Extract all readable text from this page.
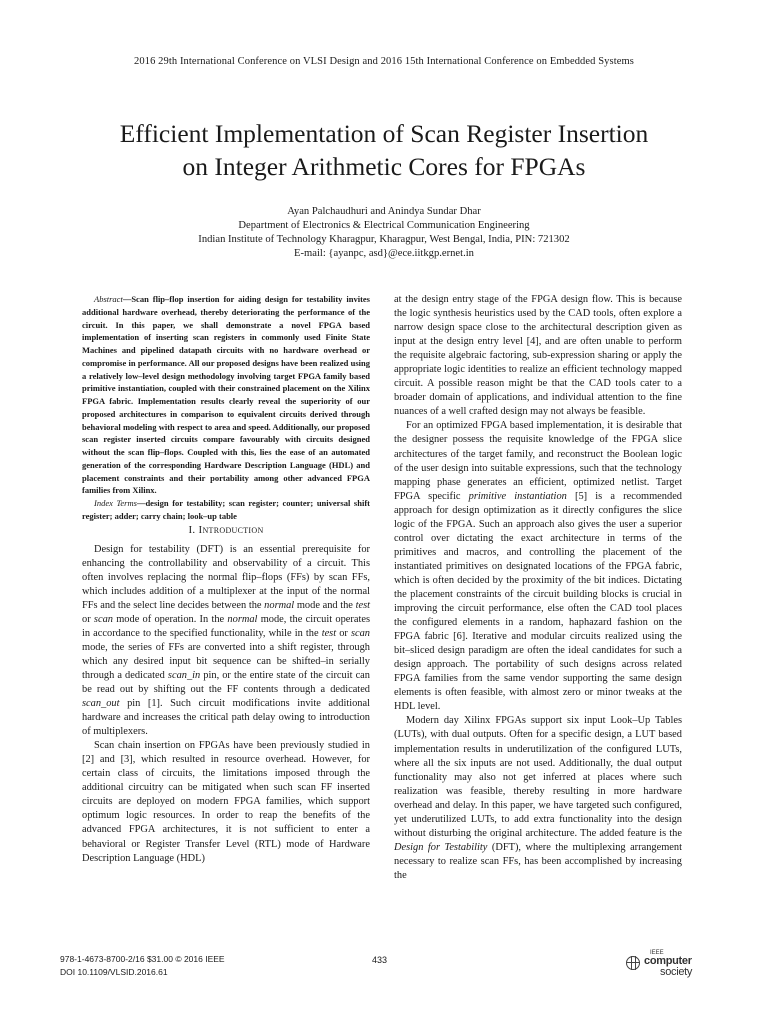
2016 29th International Conference on VLSI Design and 2016 15th International Conference on Embedded Systems
Efficient Implementation of Scan Register Insertion
on Integer Arithmetic Cores for FPGAs
Ayan Palchaudhuri and Anindya Sundar Dhar
Department of Electronics & Electrical Communication Engineering
Indian Institute of Technology Kharagpur, Kharagpur, West Bengal, India, PIN: 721302
E-mail: {ayanpc, asd}@ece.iitkgp.ernet.in

Abstract—Scan flip–flop insertion for aiding design for testability invites additional hardware overhead, thereby deteriorating the performance of the circuit. In this paper, we shall demonstrate a novel FPGA based implementation of inserting scan registers in commonly used Finite State Machines and pipelined datapath circuits with no hardware overhead or compromise in performance. All our proposed designs have been realized using a relatively low–level design methodology involving target FPGA family based primitive instantiation, coupled with their constrained placement on the Xilinx FPGA fabric. Implementation results clearly reveal the superiority of our proposed architectures in comparison to equivalent circuits derived through behavioral modeling with respect to area and speed. Additionally, our proposed scan register inserted circuits compare favourably with circuits designed without the scan flip–flops. Coupled with this, lies the ease of an automated generation of the corresponding Hardware Description Language (HDL) and placement constraints and their portability among other advanced FPGA families from Xilinx.

Index Terms—design for testability; scan register; counter; universal shift register; adder; carry chain; look–up table

I. Introduction

Design for testability (DFT) is an essential prerequisite for enhancing the controllability and observability of a circuit. This often involves replacing the normal flip–flops (FFs) by scan FFs, which includes addition of a multiplexer at the input of the normal FFs and the select line decides between the normal mode and the test or scan mode of operation. In the normal mode, the circuit operates in accordance to the specified functionality, while in the test or scan mode, the series of FFs are converted into a shift register, through which any desired input bit sequence can be shifted–in serially through a dedicated scan_in pin, or the entire state of the circuit can be read out by shifting out the FF contents through a dedicated scan_out pin [1]. Such circuit modifications invite additional hardware and increases the critical path delay owing to introduction of multiplexers.

Scan chain insertion on FPGAs have been previously studied in [2] and [3], which resulted in resource overhead. However, for certain class of circuits, the limitations imposed through the additional circuitry can be mitigated when such scan FF inserted circuits are deployed on modern FPGA families, which support optimum logic resources. In order to reap the benefits of the advanced FPGA architectures, it is not sufficient to enter a behavioral or Register Transfer Level (RTL) mode of Hardware Description Language (HDL)

at the design entry stage of the FPGA design flow. This is because the logic synthesis heuristics used by the CAD tools, often explore a narrow design space close to the architectural description given as input at the design entry level [4], and are often unable to perform the requisite algebraic factoring, sub-expression sharing or apply the appropriate logic identities to realize an efficient technology mapped circuit. A possible reason might be that the CAD tools cater to a broader domain of applications, and individual attention to the fine nuances of a well crafted design may not always be feasible.

For an optimized FPGA based implementation, it is desirable that the designer possess the requisite knowledge of the FPGA slice architectures of the target family, and reconstruct the Boolean logic of the user design into suitable expressions, such that the technology mapping phase generates an efficient, optimized netlist. Target FPGA specific primitive instantiation [5] is a recommended approach for design optimization as it directly configures the slice logic of the FPGA. Such an approach also gives the user a superior control over dictating the exact architecture in terms of the primitives and macros, and controlling the placement of the instantiated primitives on designated locations of the FPGA fabric, which is often decided by the proximity of the bit indices. Dictating the placement constraints of the circuit building blocks is crucial in improving the circuit performance, else often the CAD tool places the configured elements in a random, haphazard fashion on the FPGA fabric [6]. Iterative and modular circuits realized using the bit–sliced design paradigm are often the ideal candidates for such a design approach. The portability of such designs across related FPGA families from the same vendor supporting the same design elements is often feasible, with almost zero or minor tweaks at the HDL level.

Modern day Xilinx FPGAs support six input Look–Up Tables (LUTs), with dual outputs. Often for a specific design, a LUT based implementation results in underutilization of the configured LUTs, where all the six inputs are not used. Additionally, the dual output functionality may also not get inferred at places where such realization was feasible, thereby resulting in more hardware overhead and delay. In this paper, we have targeted such configured, yet underutilized LUTs, to add extra functionality into the design without disturbing the original architecture. The added feature is the Design for Testability (DFT), where the multiplexing arrangement necessary to realize scan FFs, has been accomplished by increasing the

978-1-4673-8700-2/16 $31.00 © 2016 IEEE
DOI 10.1109/VLSID.2016.61
433
IEEE
computer
society
